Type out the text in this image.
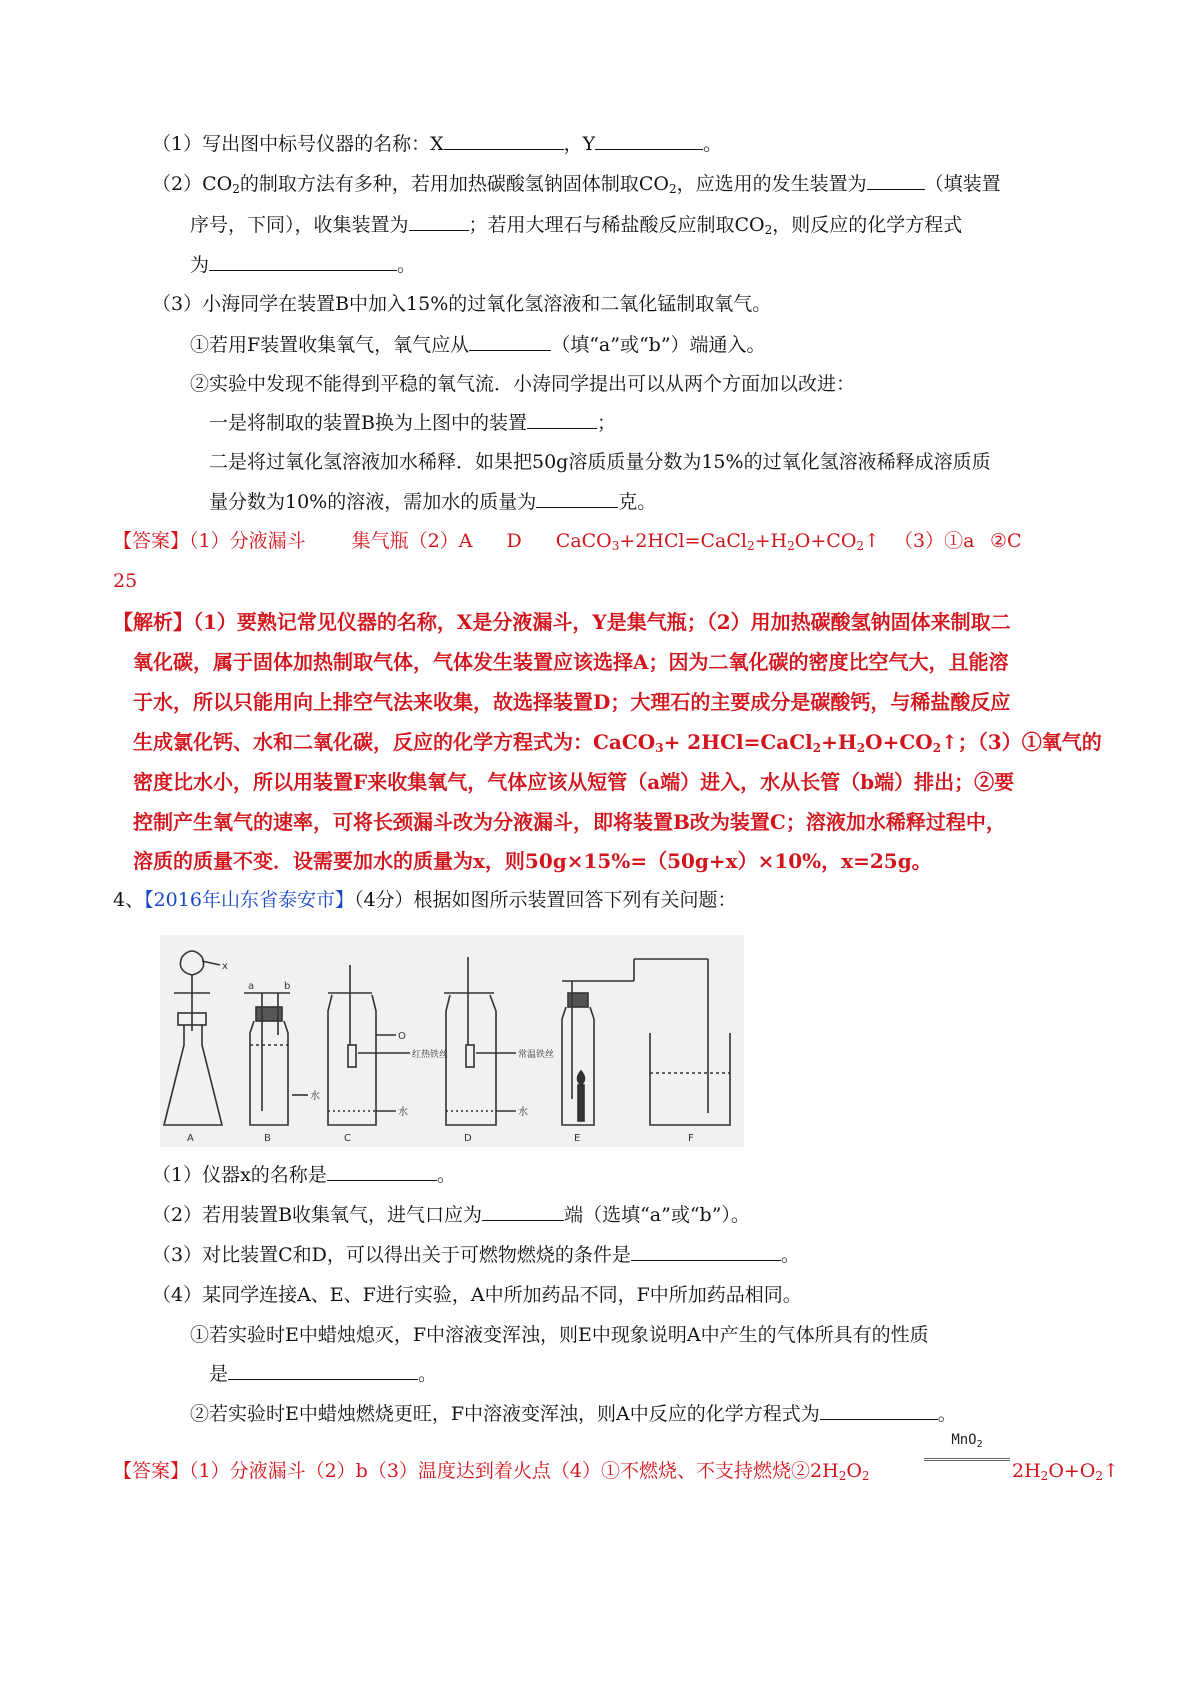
（1）写出图中标号仪器的名称：X	，Y	。
$(2)CO_2$的制取方法有多种，若用加热碳酸氢钠固体制取$CO_2$，应选用的发生装置为	（填装置
序号，下同），收集装置为	；若用大理石与稀盐酸反应制取$CO_2$，则反应的化学方程式
为	。
（3）小海同学在装置B中加入15%的过氧化氢溶液和二氧化锰制取氧气。
①若用F装置收集氧气，氧气应从	（填“a”或“b”）端通入。
②实验中发现不能得到平稳的氧气流．小涛同学提出可以从两个方面加以改进：
一是将制取的装置B换为上图中的装置	；
二是将过氧化氢溶液加水稀释．如果把50g溶质质量分数为15%的过氧化氢溶液稀释成溶质质
量分数为10%的溶液，需加水的质量为	克。
【答案】（1）分液漏斗 集气瓶（2）A D $CaCO_3+2HCl=CaCl_2+H_2O+CO_2↑$ （3）①a ②C
25
【解析】（1）要熟记常见仪器的名称，X是分液漏斗，Y是集气瓶；（2）用加热碳酸氢钠固体来制取二
氧化碳，属于固体加热制取气体，气体发生装置应该选择A；因为二氧化碳的密度比空气大，且能溶
于水，所以只能用向上排空气法来收集，故选择装置D；大理石的主要成分是碳酸钙，与稀盐酸反应
生成氯化钙、水和二氧化碳，反应的化学方程式为：CaCO$_3$+ $2HCl=CaCl_2+H_2O+CO_2↑$；（3）①氧气的
密度比水小，所以用装置F来收集氧气，气体应该从短管（a端）进入，水从长管（b端）排出；②要
控制产生氧气的速率，可将长颈漏斗改为分液漏斗，即将装置B改为装置C；溶液加水稀释过程中，
溶质的质量不变．设需要加水的质量为x，则50g×15%=（50g+x）×10%，x=25g。
4、【2016年山东省泰安市】（4分）根据如图所示装置回答下列有关问题：
A	B	C	D	E	F
x
a	b
水
O
红热铁丝
水
常温铁丝
水
（1）仪器x的名称是	。
（2）若用装置B收集氧气，进气口应为	端（选填“a”或“b”）。
（3）对比装置C和D，可以得出关于可燃物燃烧的条件是	。
（4）某同学连接A、E、F进行实验，A中所加药品不同，F中所加药品相同。
①若实验时E中蜡烛熄灭，F中溶液变浑浊，则E中现象说明A中产生的气体所具有的性质
是	。
②若实验时E中蜡烛燃烧更旺，F中溶液变浑浊，则A中反应的化学方程式为	。
【答案】（1）分液漏斗（2）b（3）温度达到着火点（4）①不燃烧、不支持燃烧$②2H_2O_2$
MnO$_2$
$2H_2O+O_2↑$
